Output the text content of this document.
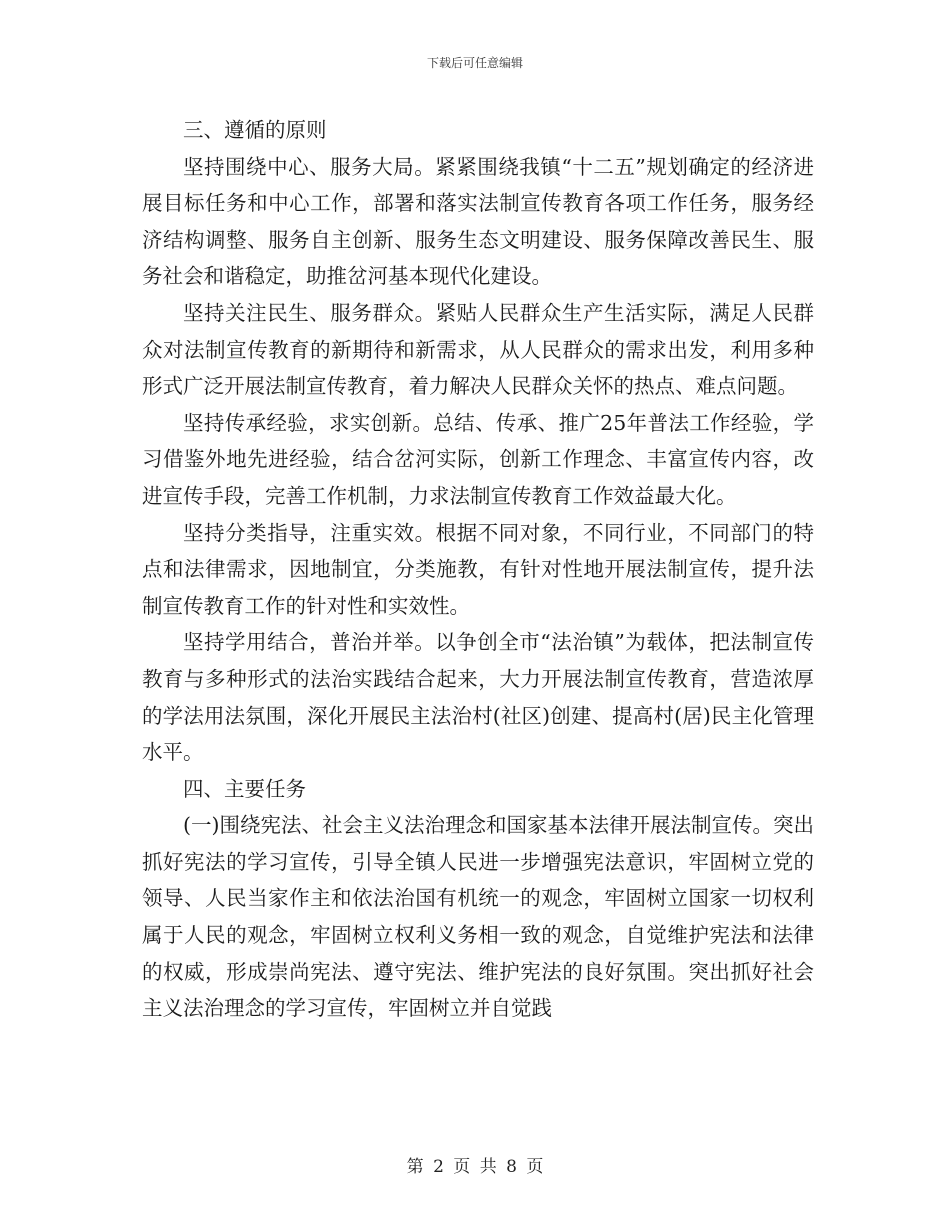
下载后可任意编辑

三、遵循的原则

坚持围绕中心、服务大局。紧紧围绕我镇“十二五”规划确定的经济进展目标任务和中心工作，部署和落实法制宣传教育各项工作任务，服务经济结构调整、服务自主创新、服务生态文明建设、服务保障改善民生、服务社会和谐稳定，助推岔河基本现代化建设。

坚持关注民生、服务群众。紧贴人民群众生产生活实际，满足人民群众对法制宣传教育的新期待和新需求，从人民群众的需求出发，利用多种形式广泛开展法制宣传教育，着力解决人民群众关怀的热点、难点问题。

坚持传承经验，求实创新。总结、传承、推广25年普法工作经验，学习借鉴外地先进经验，结合岔河实际，创新工作理念、丰富宣传内容，改进宣传手段，完善工作机制，力求法制宣传教育工作效益最大化。

坚持分类指导，注重实效。根据不同对象，不同行业，不同部门的特点和法律需求，因地制宜，分类施教，有针对性地开展法制宣传，提升法制宣传教育工作的针对性和实效性。

坚持学用结合，普治并举。以争创全市“法治镇”为载体，把法制宣传教育与多种形式的法治实践结合起来，大力开展法制宣传教育，营造浓厚的学法用法氛围，深化开展民主法治村(社区)创建、提高村(居)民主化管理水平。

四、主要任务

(一)围绕宪法、社会主义法治理念和国家基本法律开展法制宣传。突出抓好宪法的学习宣传，引导全镇人民进一步增强宪法意识，牢固树立党的领导、人民当家作主和依法治国有机统一的观念，牢固树立国家一切权利属于人民的观念，牢固树立权利义务相一致的观念，自觉维护宪法和法律的权威，形成崇尚宪法、遵守宪法、维护宪法的良好氛围。突出抓好社会主义法治理念的学习宣传，牢固树立并自觉践

第 2 页 共 8 页
